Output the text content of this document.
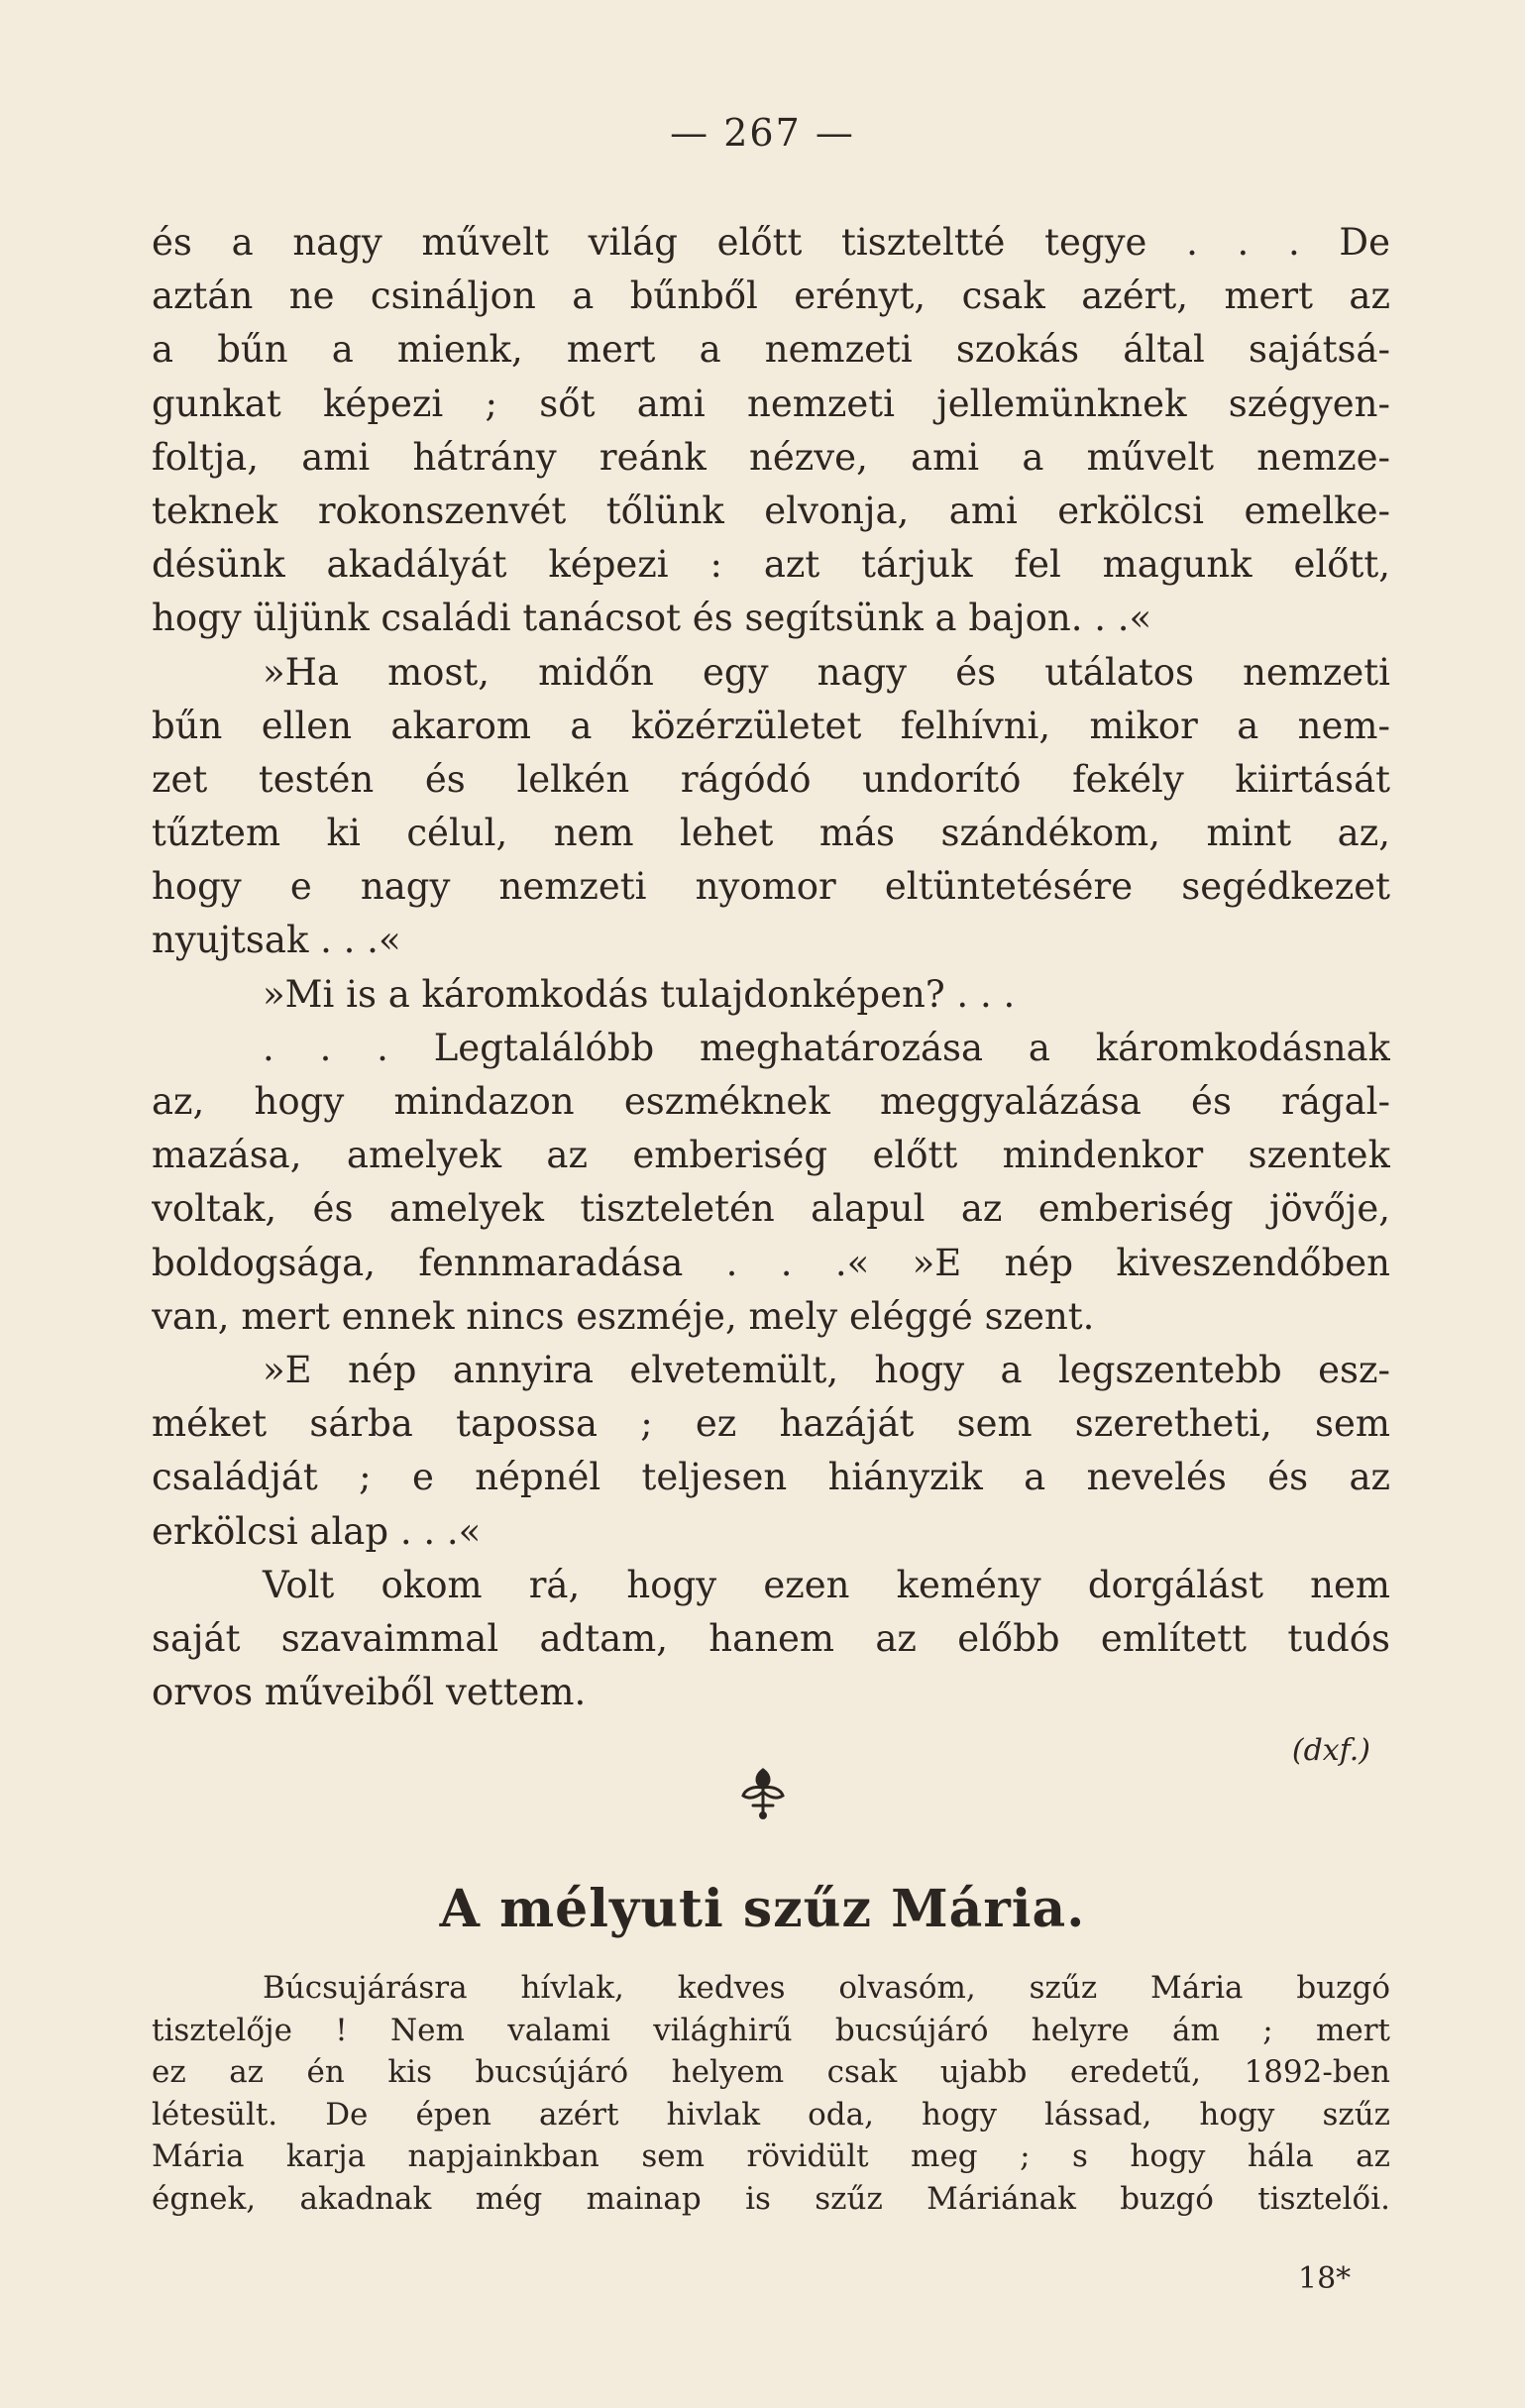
— 267 —
és a nagy művelt világ előtt tiszteltté tegye . . . De
aztán ne csináljon a bűnből erényt, csak azért, mert az
a bűn a mienk, mert a nemzeti szokás által sajátsá-
gunkat képezi ; sőt ami nemzeti jellemünknek szégyen-
foltja, ami hátrány reánk nézve, ami a művelt nemze-
teknek rokonszenvét tőlünk elvonja, ami erkölcsi emelke-
désünk akadályát képezi : azt tárjuk fel magunk előtt,
hogy üljünk családi tanácsot és segítsünk a bajon. . .«
»Ha most, midőn egy nagy és utálatos nemzeti
bűn ellen akarom a közérzületet felhívni, mikor a nem-
zet testén és lelkén rágódó undorító fekély kiirtását
tűztem ki célul, nem lehet más szándékom, mint az,
hogy e nagy nemzeti nyomor eltüntetésére segédkezet
nyujtsak . . .«
»Mi is a káromkodás tulajdonképen? . . .
. . . Legtalálóbb meghatározása a káromkodásnak
az, hogy mindazon eszméknek meggyalázása és rágal-
mazása, amelyek az emberiség előtt mindenkor szentek
voltak, és amelyek tiszteletén alapul az emberiség jövője,
boldogsága, fennmaradása . . .« »E nép kiveszendőben
van, mert ennek nincs eszméje, mely eléggé szent.
»E nép annyira elvetemült, hogy a legszentebb esz-
méket sárba tapossa ; ez hazáját sem szeretheti, sem
családját ; e népnél teljesen hiányzik a nevelés és az
erkölcsi alap . . .«
Volt okom rá, hogy ezen kemény dorgálást nem
saját szavaimmal adtam, hanem az előbb említett tudós
orvos műveiből vettem.
(dxf.)
A mélyuti szűz Mária.
Búcsujárásra hívlak, kedves olvasóm, szűz Mária buzgó
tisztelője ! Nem valami világhirű bucsújáró helyre ám ; mert
ez az én kis bucsújáró helyem csak ujabb eredetű, 1892-ben
létesült. De épen azért hivlak oda, hogy lássad, hogy szűz
Mária karja napjainkban sem rövidült meg ; s hogy hála az
égnek, akadnak még mainap is szűz Máriának buzgó tisztelői.
18*
